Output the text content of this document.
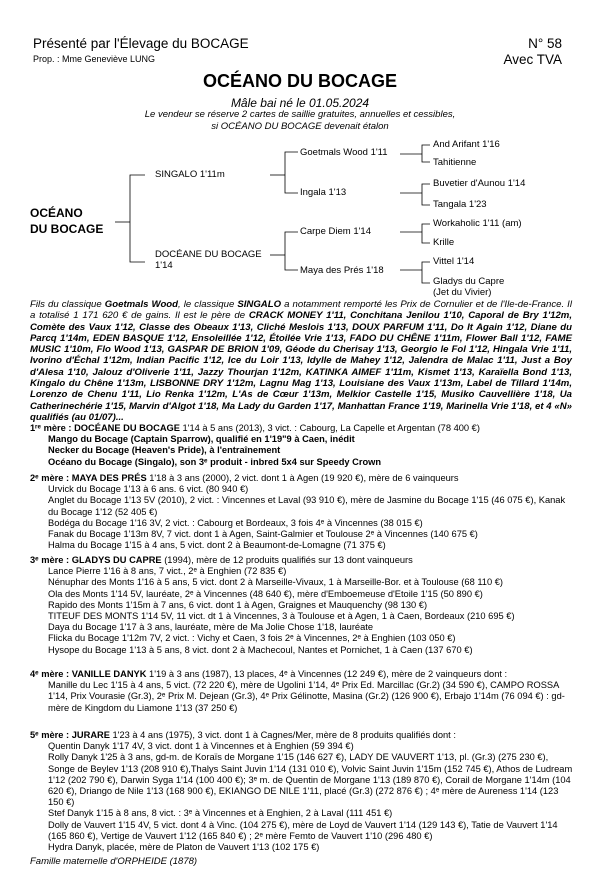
Présenté par l'Élevage du BOCAGE
Prop. : Mme Geneviève LUNG
N° 58
Avec TVA
OCÉANO DU BOCAGE
Mâle bai né le 01.05.2024
Le vendeur se réserve 2 cartes de saillie gratuites, annuelles et cessibles,
si OCÉANO DU BOCAGE devenait étalon
OCÉANO
DU BOCAGE
SINGALO 1'11m
DOCÉANE DU BOCAGE
1'14
Goetmals Wood 1'11
Ingala 1'13
Carpe Diem 1'14
Maya des Prés 1'18
And Arifant 1'16
Tahitienne
Buvetier d'Aunou 1'14
Tangala 1'23
Workaholic 1'11 (am)
Krille
Vittel 1'14
Gladys du Capre
(Jet du Vivier)
Fils du classique Goetmals Wood, le classique SINGALO a notamment remporté les Prix de Cornulier et de l'Ile-de-France. Il a totalisé 1 171 620 € de gains. Il est le père de CRACK MONEY 1'11, Conchitana Jenilou 1'10, Caporal de Bry 1'12m, Comète des Vaux 1'12, Classe des Obeaux 1'13, Cliché Meslois 1'13, DOUX PARFUM 1'11, Do It Again 1'12, Diane du Parcq 1'14m, EDEN BASQUE 1'12, Ensoleillée 1'12, Étoilée Vrie 1'13, FADO DU CHÊNE 1'11m, Flower Ball 1'12, FAME MUSIC 1'10m, Flo Wood 1'13, GASPAR DE BRION 1'09, Géode du Cherisay 1'13, Georgio le Fol 1'12, Hingala Vrie 1'11, Ivorino d'Échal 1'12m, Indian Pacific 1'12, Ice du Loir 1'13, Idylle de Mahey 1'12, Jalendra de Malac 1'11, Just a Boy d'Alesa 1'10, Jalouz d'Oliverie 1'11, Jazzy Thourjan 1'12m, KATINKA AIMEF 1'11m, Kismet 1'13, Karaïella Bond 1'13, Kingalo du Chêne 1'13m, LISBONNE DRY 1'12m, Lagnu Mag 1'13, Louisiane des Vaux 1'13m, Label de Tillard 1'14m, Lorenzo de Chenu 1'11, Lio Renka 1'12m, L'As de Cœur 1'13m, Melkior Castelle 1'15, Musiko Cauvellière 1'18, Ua Catherinechérie 1'15, Marvin d'Algot 1'18, Ma Lady du Garden 1'17, Manhattan France 1'19, Marinella Vrie 1'18, et 4 «N» qualifiés (au 01/07)...
1ʳᵉ mère : DOCÉANE DU BOCAGE 1'14 à 5 ans (2013), 3 vict. : Cabourg, La Capelle et Argentan (78 400 €)
Mango du Bocage (Captain Sparrow), qualifié en 1'19"9 à Caen, inédit
Necker du Bocage (Heaven's Pride), à l'entraînement
Océano du Bocage (Singalo), son 3ᵉ produit - inbred 5x4 sur Speedy Crown
2ᵉ mère : MAYA DES PRÉS 1'18 à 3 ans (2000), 2 vict. dont 1 à Agen (19 920 €), mère de 6 vainqueurs
Urvick du Bocage 1'13 à 6 ans. 6 vict. (80 940 €)
Anglet du Bocage 1'13 5V (2010), 2 vict. : Vincennes et Laval (93 910 €), mère de Jasmine du Bocage 1'15 (46 075 €), Kanak du Bocage 1'12 (52 405 €)
Bodéga du Bocage 1'16 3V, 2 vict. : Cabourg et Bordeaux, 3 fois 4ᵉ à Vincennes (38 015 €)
Fanak du Bocage 1'13m 8V, 7 vict. dont 1 à Agen, Saint-Galmier et Toulouse 2ᵉ à Vincennes (140 675 €)
Halma du Bocage 1'15 à 4 ans, 5 vict. dont 2 à Beaumont-de-Lomagne (71 375 €)
3ᵉ mère : GLADYS DU CAPRE (1994), mère de 12 produits qualifiés sur 13 dont vainqueurs
Lance Pierre 1'16 à 8 ans, 7 vict., 2ᵉ à Enghien (72 835 €)
Nénuphar des Monts 1'16 à 5 ans, 5 vict. dont 2 à Marseille-Vivaux, 1 à Marseille-Bor. et à Toulouse (68 110 €)
Ola des Monts 1'14 5V, lauréate, 2ᵉ à Vincennes (48 640 €), mère d'Emboemeuse d'Etoile 1'15 (50 890 €)
Rapido des Monts 1'15m à 7 ans, 6 vict. dont 1 à Agen, Graignes et Mauquenchy (98 130 €)
TITEUF DES MONTS 1'14 5V, 11 vict. dt 1 à Vincennes, 3 à Toulouse et à Agen, 1 à Caen, Bordeaux (210 695 €)
Daya du Bocage 1'17 à 3 ans, lauréate, mère de Ma Jolie Chose 1'18, lauréate
Flicka du Bocage 1'12m 7V, 2 vict. : Vichy et Caen, 3 fois 2ᵉ à Vincennes, 2ᵉ à Enghien (103 050 €)
Hysope du Bocage 1'13 à 5 ans, 8 vict. dont 2 à Machecoul, Nantes et Pornichet, 1 à Caen (137 670 €)
4ᵉ mère : VANILLE DANYK 1'19 à 3 ans (1987), 13 places, 4ᵉ à Vincennes (12 249 €), mère de 2 vainqueurs dont :
Manille du Lec 1'15 à 4 ans, 5 vict. (72 220 €), mère de Ugolini 1'14, 4ᵉ Prix Ed. Marcillac (Gr.2) (34 590 €), CAMPO ROSSA 1'14, Prix Vourasie (Gr.3), 2ᵉ Prix M. Dejean (Gr.3), 4ᵉ Prix Gélinotte, Masina (Gr.2) (126 900 €), Erbajo 1'14m (76 094 €) : gd-mère de Kingdom du Liamone 1'13 (37 250 €)
5ᵉ mère : JURARE 1'23 à 4 ans (1975), 3 vict. dont 1 à Cagnes/Mer, mère de 8 produits qualifiés dont :
Quentin Danyk 1'17 4V, 3 vict. dont 1 à Vincennes et à Enghien (59 394 €)
Rolly Danyk 1'25 à 3 ans, gd-m. de Koraïs de Morgane 1'15 (146 627 €), LADY DE VAUVERT 1'13, pl. (Gr.3) (275 230 €), Songe de Beylev 1'13 (208 910 €),Thalys Saint Juvin 1'14 (131 010 €), Volvic Saint Juvin 1'15m (152 745 €), Athos de Ludream 1'12 (202 790 €), Darwin Syga 1'14 (100 400 €); 3ᵉ m. de Quentin de Morgane 1'13 (189 870 €), Corail de Morgane 1'14m (104 620 €), Driango de Nile 1'13 (168 900 €), EKIANGO DE NILE 1'11, placé (Gr.3) (272 876 €) ; 4ᵉ mère de Aureness 1'14 (123 150 €)
Stef Danyk 1'15 à 8 ans, 8 vict. : 3ᵉ à Vincennes et à Enghien, 2 à Laval (111 451 €)
Dolly de Vauvert 1'15 4V, 5 vict. dont 4 à Vinc. (104 275 €), mère de Loyd de Vauvert 1'14 (129 143 €), Tatie de Vauvert 1'14 (165 860 €), Vertige de Vauvert 1'12 (165 840 €) ; 2ᵉ mère Femto de Vauvert 1'10 (296 480 €)
Hydra Danyk, placée, mère de Platon de Vauvert 1'13 (102 175 €)
Famille maternelle d'ORPHEIDE (1878)
